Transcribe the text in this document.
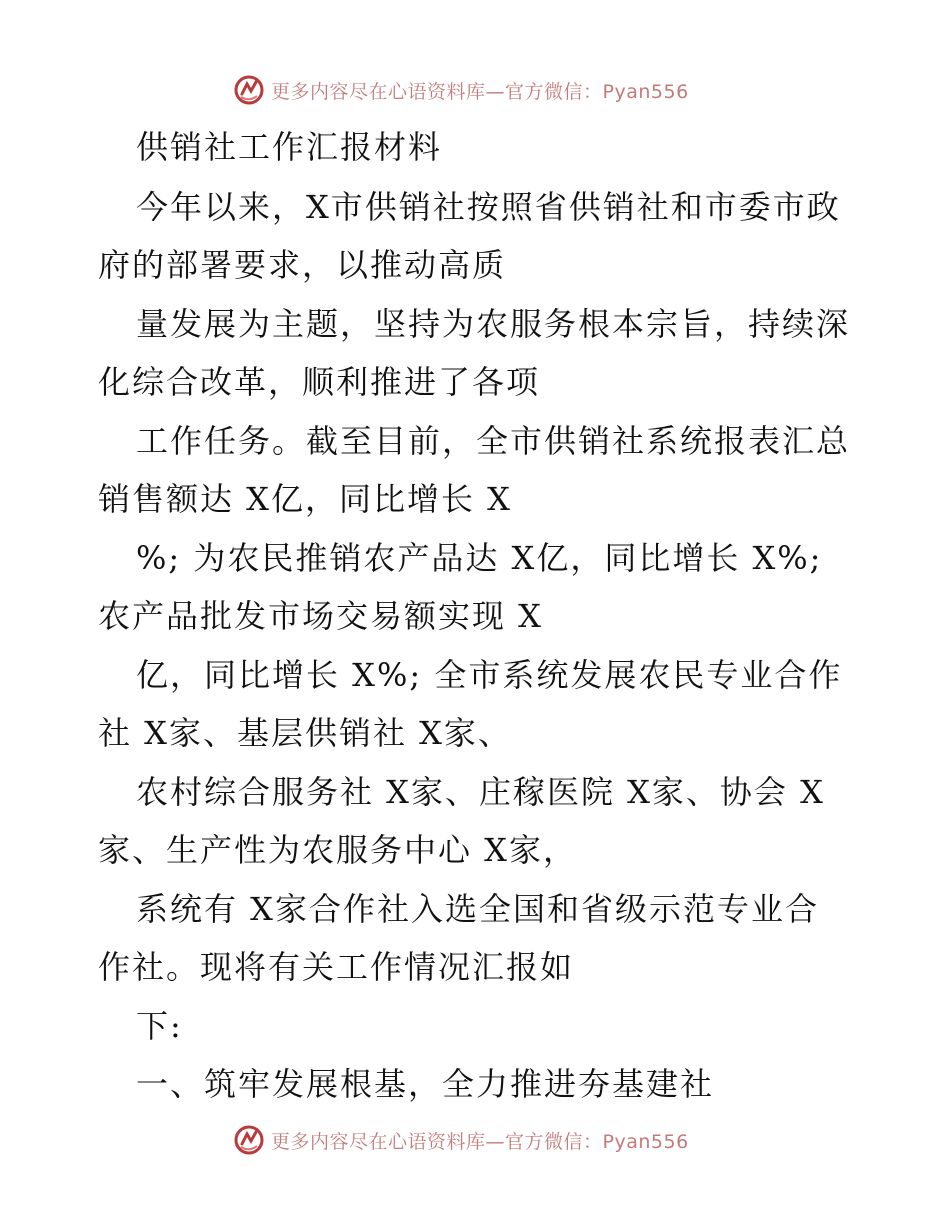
更多内容尽在心语资料库—官方微信：Pyan556
供销社工作汇报材料
今年以来，X市供销社按照省供销社和市委市政
府的部署要求，以推动高质
量发展为主题，坚持为农服务根本宗旨，持续深
化综合改革，顺利推进了各项
工作任务。截至目前，全市供销社系统报表汇总
销售额达 X亿，同比增长 X
%; 为农民推销农产品达 X亿，同比增长 X%;
农产品批发市场交易额实现 X
亿，同比增长 X%; 全市系统发展农民专业合作
社 X家、基层供销社 X家、
农村综合服务社 X家、庄稼医院 X家、协会 X
家、生产性为农服务中心 X家，
系统有 X家合作社入选全国和省级示范专业合
作社。现将有关工作情况汇报如
下:
一、筑牢发展根基，全力推进夯基建社
更多内容尽在心语资料库—官方微信：Pyan556
